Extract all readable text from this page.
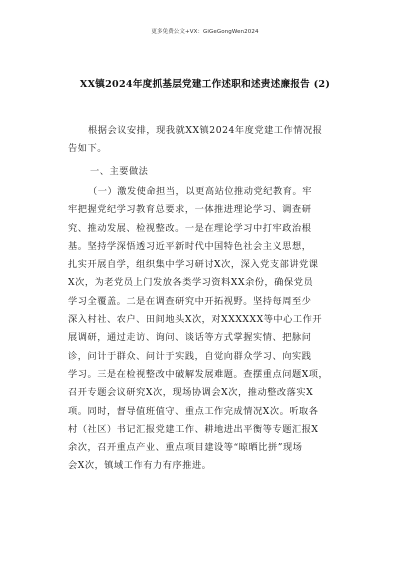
更多免费公文+VX：GiGeGongWen2024
XX镇2024年度抓基层党建工作述职和述责述廉报告 (2)
根据会议安排，现我就XX镇2024年度党建工作情况报
告如下。
一、主要做法
（一）激发使命担当，以更高站位推动党纪教育。牢
牢把握党纪学习教育总要求，一体推进理论学习、调查研
究、推动发展、检视整改。一是在理论学习中打牢政治根
基。坚持学深悟透习近平新时代中国特色社会主义思想，
扎实开展自学，组织集中学习研讨X次，深入党支部讲党课
X次，为老党员上门发放各类学习资料XX余份，确保党员
学习全覆盖。二是在调查研究中开拓视野。坚持每周至少
深入村社、农户、田间地头X次，对XXXXXX等中心工作开
展调研，通过走访、询问、谈话等方式掌握实情、把脉问
诊，问计于群众、问计于实践，自觉向群众学习、向实践
学习。三是在检视整改中破解发展难题。查摆重点问题X项，
召开专题会议研究X次，现场协调会X次，推动整改落实X
项。同时，督导值班值守、重点工作完成情况X次。听取各
村（社区）书记汇报党建工作、耕地进出平衡等专题汇报X
余次，召开重点产业、重点项目建设等“晾晒比拼”现场
会X次，镇域工作有力有序推进。
